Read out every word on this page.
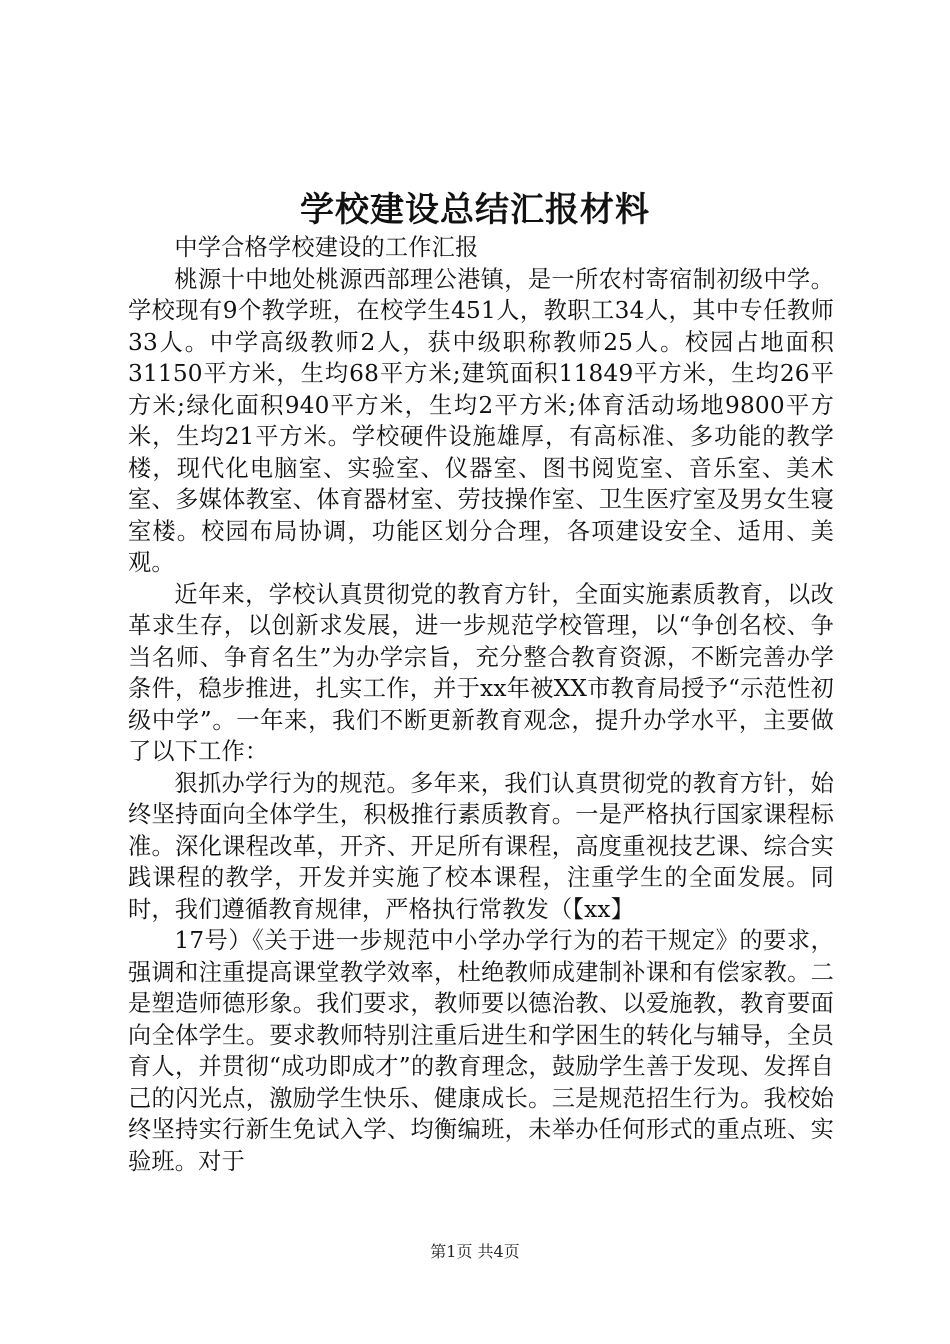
学校建设总结汇报材料

中学合格学校建设的工作汇报

桃源十中地处桃源西部理公港镇，是一所农村寄宿制初级中学。学校现有9个教学班，在校学生451人，教职工34人，其中专任教师33人。中学高级教师2人，获中级职称教师25人。校园占地面积31150平方米，生均68平方米;建筑面积11849平方米，生均26平方米;绿化面积940平方米，生均2平方米;体育活动场地9800平方米，生均21平方米。学校硬件设施雄厚，有高标准、多功能的教学楼，现代化电脑室、实验室、仪器室、图书阅览室、音乐室、美术室、多媒体教室、体育器材室、劳技操作室、卫生医疗室及男女生寝室楼。校园布局协调，功能区划分合理，各项建设安全、适用、美观。

近年来，学校认真贯彻党的教育方针，全面实施素质教育，以改革求生存，以创新求发展，进一步规范学校管理，以“争创名校、争当名师、争育名生”为办学宗旨，充分整合教育资源，不断完善办学条件，稳步推进，扎实工作，并于xx年被XX市教育局授予“示范性初级中学”。一年来，我们不断更新教育观念，提升办学水平，主要做了以下工作：

狠抓办学行为的规范。多年来，我们认真贯彻党的教育方针，始终坚持面向全体学生，积极推行素质教育。一是严格执行国家课程标准。深化课程改革，开齐、开足所有课程，高度重视技艺课、综合实践课程的教学，开发并实施了校本课程，注重学生的全面发展。同时，我们遵循教育规律，严格执行常教发（【xx】

17号）《关于进一步规范中小学办学行为的若干规定》的要求，强调和注重提高课堂教学效率，杜绝教师成建制补课和有偿家教。二是塑造师德形象。我们要求，教师要以德治教、以爱施教，教育要面向全体学生。要求教师特别注重后进生和学困生的转化与辅导，全员育人，并贯彻“成功即成才”的教育理念，鼓励学生善于发现、发挥自己的闪光点，激励学生快乐、健康成长。三是规范招生行为。我校始终坚持实行新生免试入学、均衡编班，未举办任何形式的重点班、实验班。对于

第1页 共4页
